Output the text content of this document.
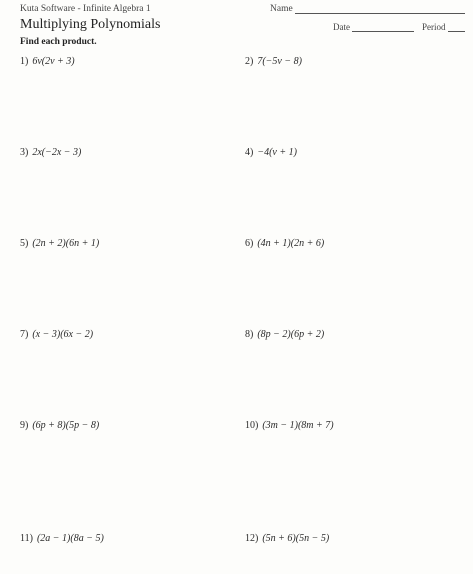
Kuta Software - Infinite Algebra 1	Name
Multiplying Polynomials	Date	Period
Find each product.
1) 6v(2v + 3)	2) 7(−5v − 8)
3) 2x(−2x − 3)	4) −4(v + 1)
5) (2n + 2)(6n + 1)	6) (4n + 1)(2n + 6)
7) (x − 3)(6x − 2)	8) (8p − 2)(6p + 2)
9) (6p + 8)(5p − 8)	10) (3m − 1)(8m + 7)
11) (2a − 1)(8a − 5)	12) (5n + 6)(5n − 5)
